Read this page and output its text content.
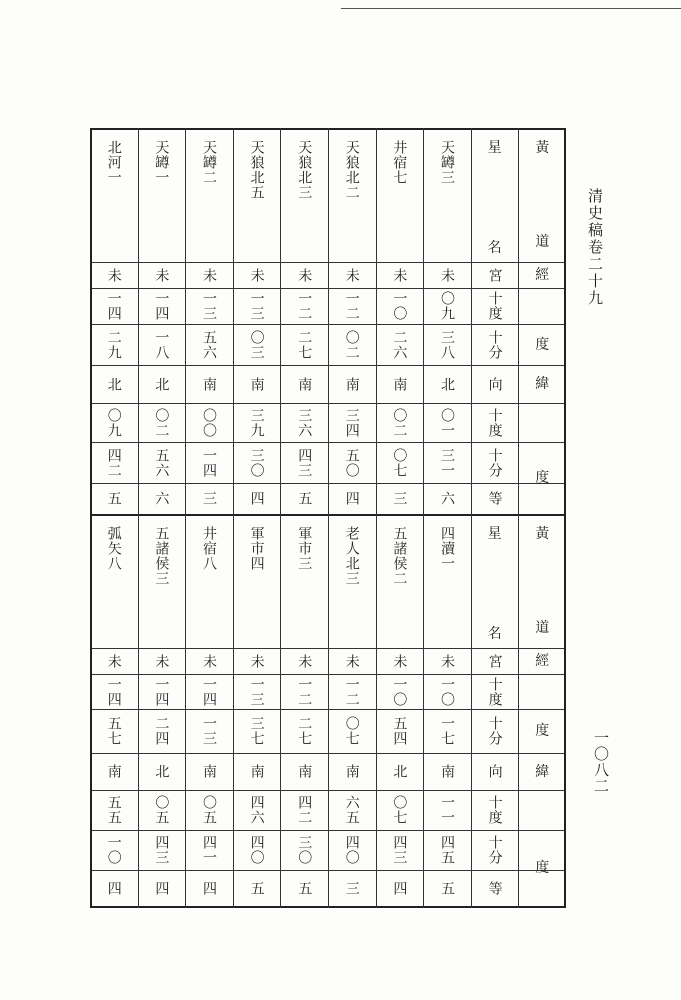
清史稿卷二十九
一〇八二
天罇三
未
〇九
三八
北
〇一
三一
六
井宿七
未
一〇
二六
南
〇二
〇七
三
天狼北二
未
一二
〇二
南
三四
五〇
四
天狼北三
未
一二
二七
南
三六
四三
五
天狼北五
未
一三
〇三
南
三九
三〇
四
天罇二
未
一三
五六
南
〇〇
一四
三
天罇一
未
一四
一八
北
〇二
五六
六
北河一
未
一四
二九
北
〇九
四二
五
星
名
宮
十度
十分
向
十度
十分
等
黃
道
經
度
緯
度
四瀆一
未
一〇
一七
南
一一
四五
五
五諸侯二
未
一〇
五四
北
〇七
四三
四
老人北三
未
一二
〇七
南
六五
四〇
三
軍市三
未
一二
二七
南
四二
三〇
五
軍市四
未
一三
三七
南
四六
四〇
五
井宿八
未
一四
一三
南
〇五
四一
四
五諸侯三
未
一四
二四
北
〇五
四三
四
弧矢八
未
一四
五七
南
五五
一〇
四
星
名
宮
十度
十分
向
十度
十分
等
黃
道
經
度
緯
度
